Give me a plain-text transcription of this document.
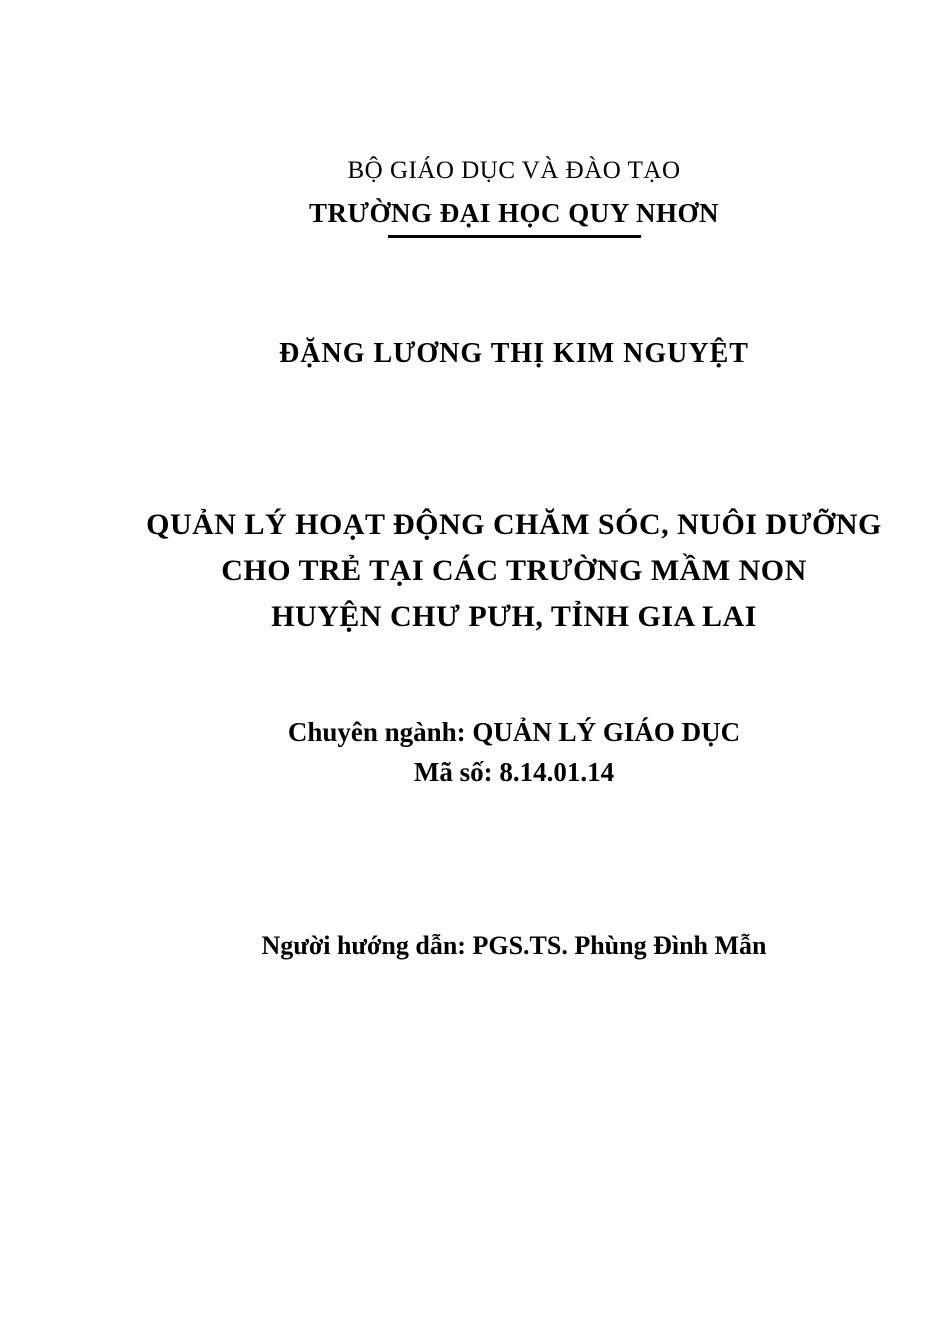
BỘ GIÁO DỤC VÀ ĐÀO TẠO
TRƯỜNG ĐẠI HỌC QUY NHƠN
ĐẶNG LƯƠNG THỊ KIM NGUYỆT
QUẢN LÝ HOẠT ĐỘNG CHĂM SÓC, NUÔI DƯỠNG
CHO TRẺ TẠI CÁC TRƯỜNG MẦM NON
HUYỆN CHƯ PƯH, TỈNH GIA LAI
Chuyên ngành: QUẢN LÝ GIÁO DỤC
Mã số: 8.14.01.14
Người hướng dẫn: PGS.TS. Phùng Đình Mẫn
